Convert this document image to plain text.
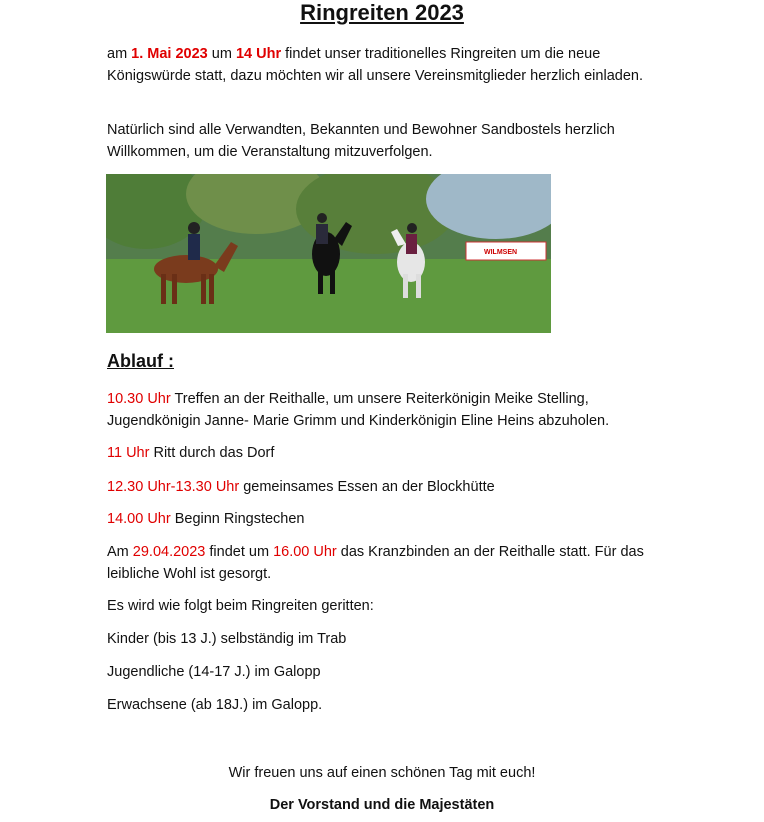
Ringreiten 2023
am 1. Mai 2023 um 14 Uhr findet unser traditionelles Ringreiten um die neue Königswürde statt, dazu möchten wir all unsere Vereinsmitglieder herzlich einladen.
Natürlich sind alle Verwandten, Bekannten und Bewohner Sandbostels herzlich Willkommen, um die Veranstaltung mitzuverfolgen.
WILMSEN
Ablauf :
10.30 Uhr Treffen an der Reithalle, um unsere Reiterkönigin Meike Stelling, Jugendkönigin Janne- Marie Grimm und Kinderkönigin Eline Heins abzuholen.
11 Uhr Ritt durch das Dorf
12.30 Uhr-13.30 Uhr gemeinsames Essen an der Blockhütte
14.00 Uhr Beginn Ringstechen
Am 29.04.2023 findet um 16.00 Uhr das Kranzbinden an der Reithalle statt. Für das leibliche Wohl ist gesorgt.
Es wird wie folgt beim Ringreiten geritten:
Kinder (bis 13 J.) selbständig im Trab
Jugendliche (14-17 J.) im Galopp
Erwachsene (ab 18J.) im Galopp.
Wir freuen uns auf einen schönen Tag mit euch!
Der Vorstand und die Majestäten
